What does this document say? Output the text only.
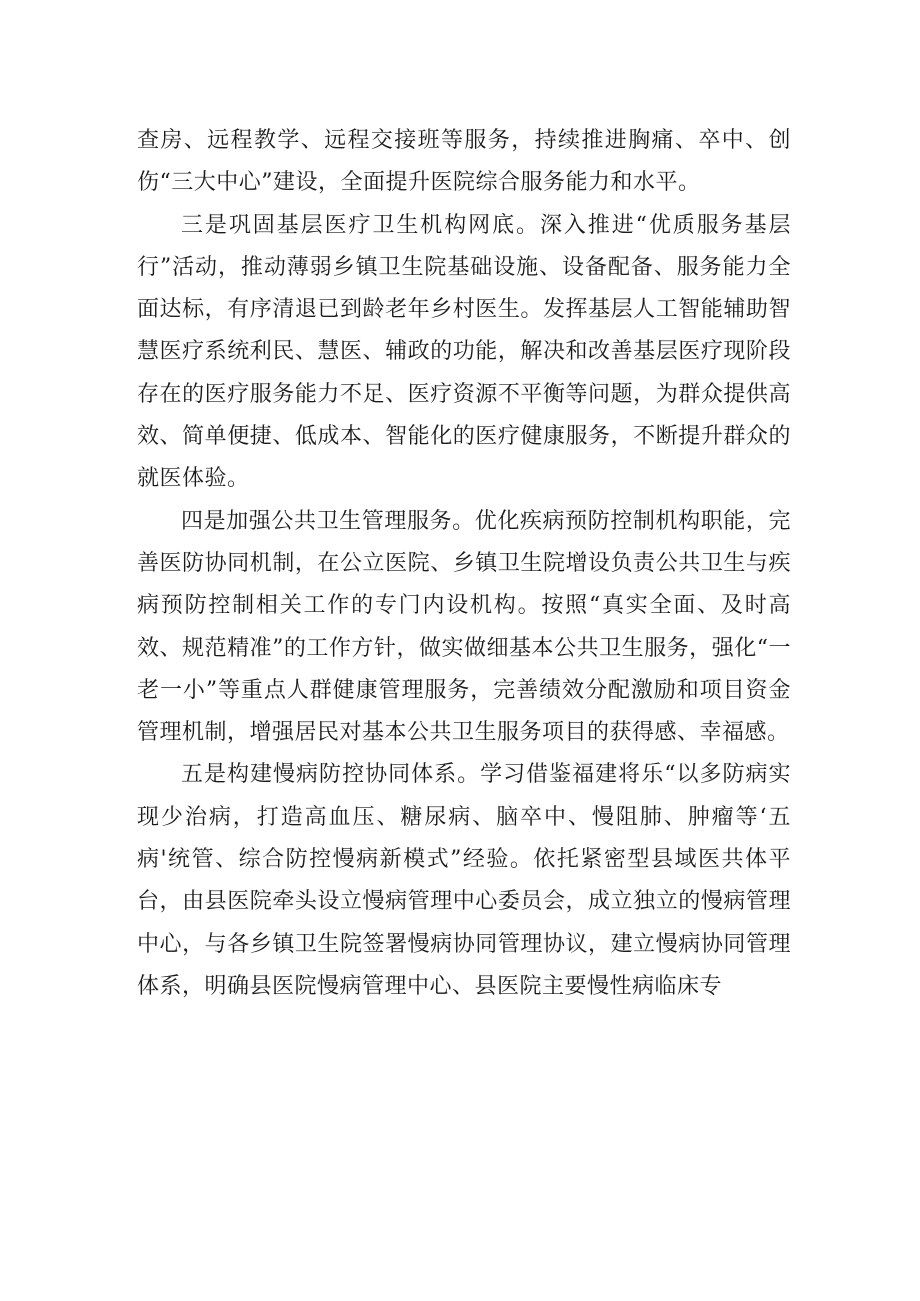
查房、远程教学、远程交接班等服务，持续推进胸痛、卒中、创伤“三大中心”建设，全面提升医院综合服务能力和水平。

三是巩固基层医疗卫生机构网底。深入推进“优质服务基层行”活动，推动薄弱乡镇卫生院基础设施、设备配备、服务能力全面达标，有序清退已到龄老年乡村医生。发挥基层人工智能辅助智慧医疗系统利民、慧医、辅政的功能，解决和改善基层医疗现阶段存在的医疗服务能力不足、医疗资源不平衡等问题，为群众提供高效、简单便捷、低成本、智能化的医疗健康服务，不断提升群众的就医体验。

四是加强公共卫生管理服务。优化疾病预防控制机构职能，完善医防协同机制，在公立医院、乡镇卫生院增设负责公共卫生与疾病预防控制相关工作的专门内设机构。按照“真实全面、及时高效、规范精准”的工作方针，做实做细基本公共卫生服务，强化“一老一小”等重点人群健康管理服务，完善绩效分配激励和项目资金管理机制，增强居民对基本公共卫生服务项目的获得感、幸福感。

五是构建慢病防控协同体系。学习借鉴福建将乐“以多防病实现少治病，打造高血压、糖尿病、脑卒中、慢阻肺、肿瘤等‘五病'统管、综合防控慢病新模式”经验。依托紧密型县域医共体平台，由县医院牵头设立慢病管理中心委员会，成立独立的慢病管理中心，与各乡镇卫生院签署慢病协同管理协议，建立慢病协同管理体系，明确县医院慢病管理中心、县医院主要慢性病临床专
